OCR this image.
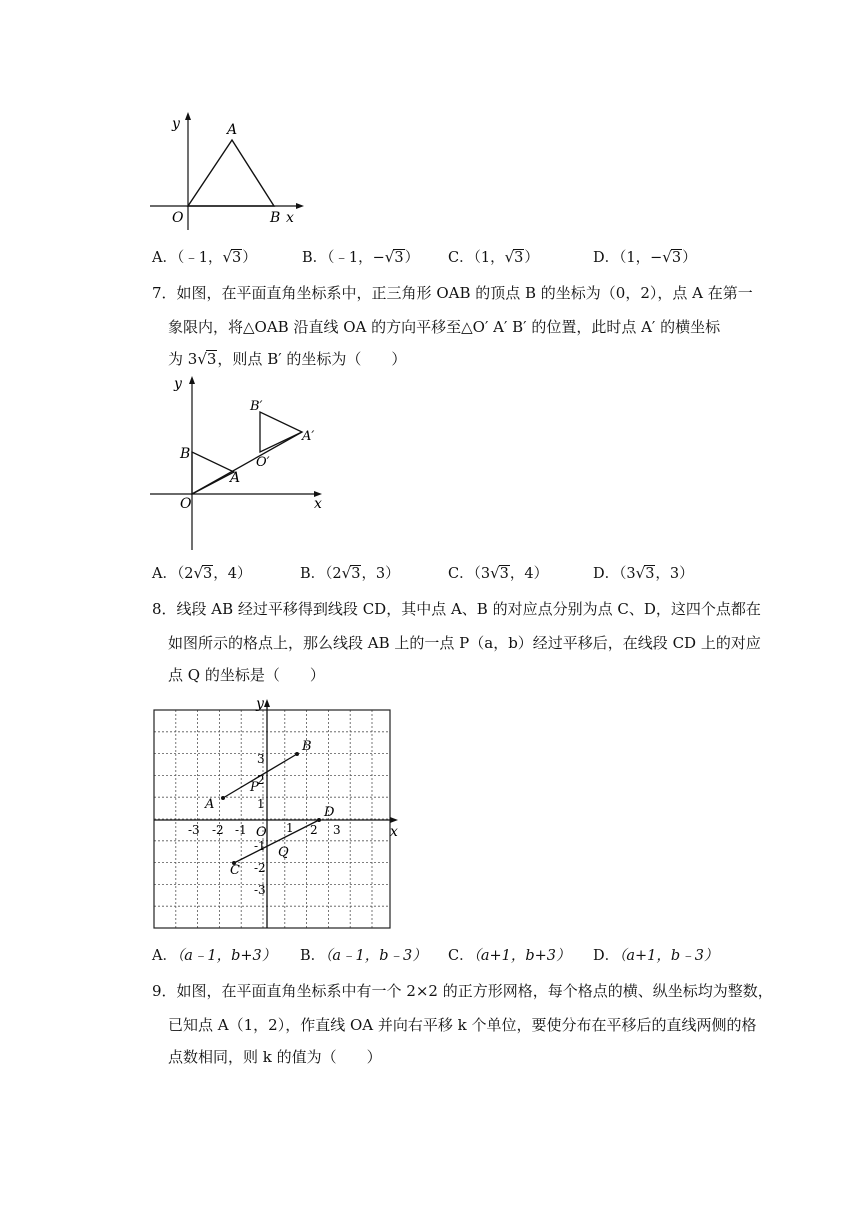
y	A
O	B x
A．（﹣1，√3）	B．（﹣1，−√3） C．（1，√3）	D．（1，−√3）
7．如图，在平面直角坐标系中，正三角形 OAB 的顶点 B 的坐标为（0，2），点 A 在第一
象限内，将△OAB 沿直线 OA 的方向平移至△O′ A′ B′ 的位置，此时点 A′ 的横坐标
为 3√3，则点 B′ 的坐标为（　　）
y
B
A
O	x
B′
A′
O′
A．（2√3，4）	B．（2√3，3）	C．（3√3，4）	D．（3√3，3）
8．线段 AB 经过平移得到线段 CD，其中点 A、B 的对应点分别为点 C、D，这四个点都在
如图所示的格点上，那么线段 AB 上的一点 P（a，b）经过平移后，在线段 CD 上的对应
点 Q 的坐标是（　　）
y
x
O
A
B
C
D
P
Q
-3 -2 -1	1 2 3
3
2
1
-1
-2
-3
A．（a﹣1，b+3） B．（a﹣1，b﹣3） C．（a+1，b+3） D．（a+1，b﹣3）
9．如图，在平面直角坐标系中有一个 2×2 的正方形网格，每个格点的横、纵坐标均为整数，
已知点 A（1，2），作直线 OA 并向右平移 k 个单位，要使分布在平移后的直线两侧的格
点数相同，则 k 的值为（　　）
